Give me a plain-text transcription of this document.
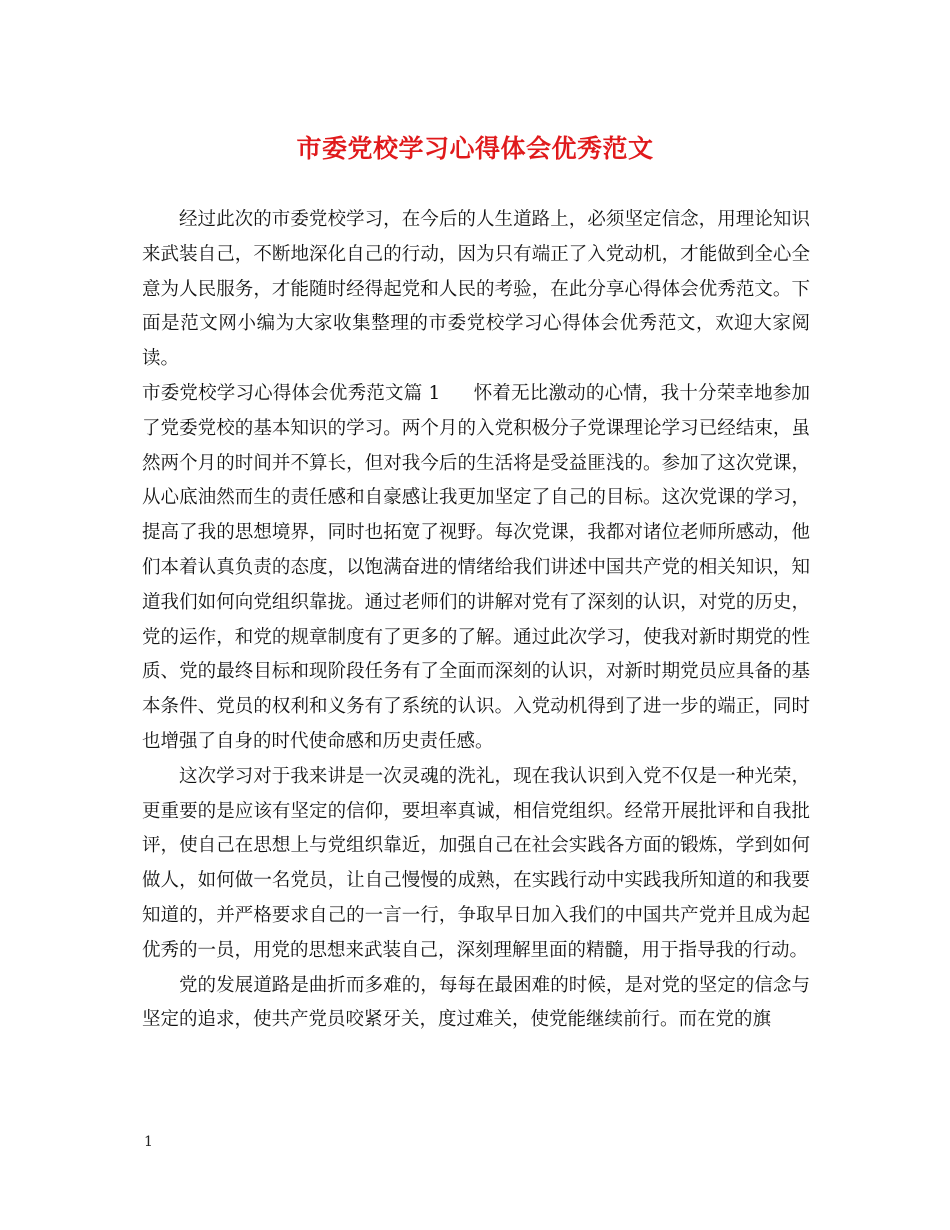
市委党校学习心得体会优秀范文

经过此次的市委党校学习，在今后的人生道路上，必须坚定信念，用理论知识来武装自己，不断地深化自己的行动，因为只有端正了入党动机，才能做到全心全意为人民服务，才能随时经得起党和人民的考验，在此分享心得体会优秀范文。下面是范文网小编为大家收集整理的市委党校学习心得体会优秀范文，欢迎大家阅读。

市委党校学习心得体会优秀范文篇 1 怀着无比激动的心情，我十分荣幸地参加了党委党校的基本知识的学习。两个月的入党积极分子党课理论学习已经结束，虽然两个月的时间并不算长，但对我今后的生活将是受益匪浅的。参加了这次党课，从心底油然而生的责任感和自豪感让我更加坚定了自己的目标。这次党课的学习，提高了我的思想境界，同时也拓宽了视野。每次党课，我都对诸位老师所感动，他们本着认真负责的态度，以饱满奋进的情绪给我们讲述中国共产党的相关知识，知道我们如何向党组织靠拢。通过老师们的讲解对党有了深刻的认识，对党的历史，党的运作，和党的规章制度有了更多的了解。通过此次学习，使我对新时期党的性质、党的最终目标和现阶段任务有了全面而深刻的认识，对新时期党员应具备的基本条件、党员的权利和义务有了系统的认识。入党动机得到了进一步的端正，同时也增强了自身的时代使命感和历史责任感。

这次学习对于我来讲是一次灵魂的洗礼，现在我认识到入党不仅是一种光荣，更重要的是应该有坚定的信仰，要坦率真诚，相信党组织。经常开展批评和自我批评，使自己在思想上与党组织靠近，加强自己在社会实践各方面的锻炼，学到如何做人，如何做一名党员，让自己慢慢的成熟，在实践行动中实践我所知道的和我要知道的，并严格要求自己的一言一行，争取早日加入我们的中国共产党并且成为起优秀的一员，用党的思想来武装自己，深刻理解里面的精髓，用于指导我的行动。

党的发展道路是曲折而多难的，每每在最困难的时候，是对党的坚定的信念与坚定的追求，使共产党员咬紧牙关，度过难关，使党能继续前行。而在党的旗

1
